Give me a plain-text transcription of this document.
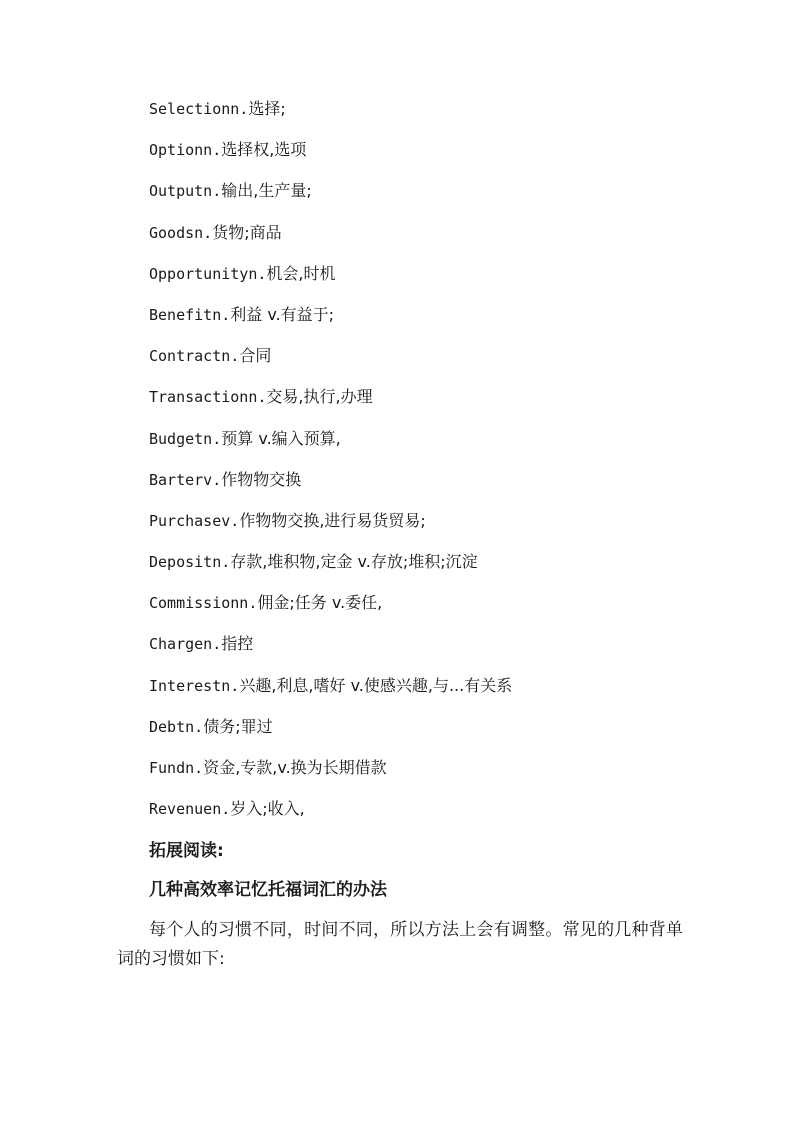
Selectionn.选择;
Optionn.选择权,选项
Outputn.输出,生产量;
Goodsn.货物;商品
Opportunityn.机会,时机
Benefitn.利益 v.有益于;
Contractn.合同
Transactionn.交易,执行,办理
Budgetn.预算 v.编入预算,
Barterv.作物物交换
Purchasev.作物物交换,进行易货贸易;
Depositn.存款,堆积物,定金 v.存放;堆积;沉淀
Commissionn.佣金;任务 v.委任,
Chargen.指控
Interestn.兴趣,利息,嗜好 v.使感兴趣,与...有关系
Debtn.债务;罪过
Fundn.资金,专款,v.换为长期借款
Revenuen.岁入;收入,
拓展阅读:
几种高效率记忆托福词汇的办法
每个人的习惯不同，时间不同，所以方法上会有调整。常见的几种背单词的习惯如下:
